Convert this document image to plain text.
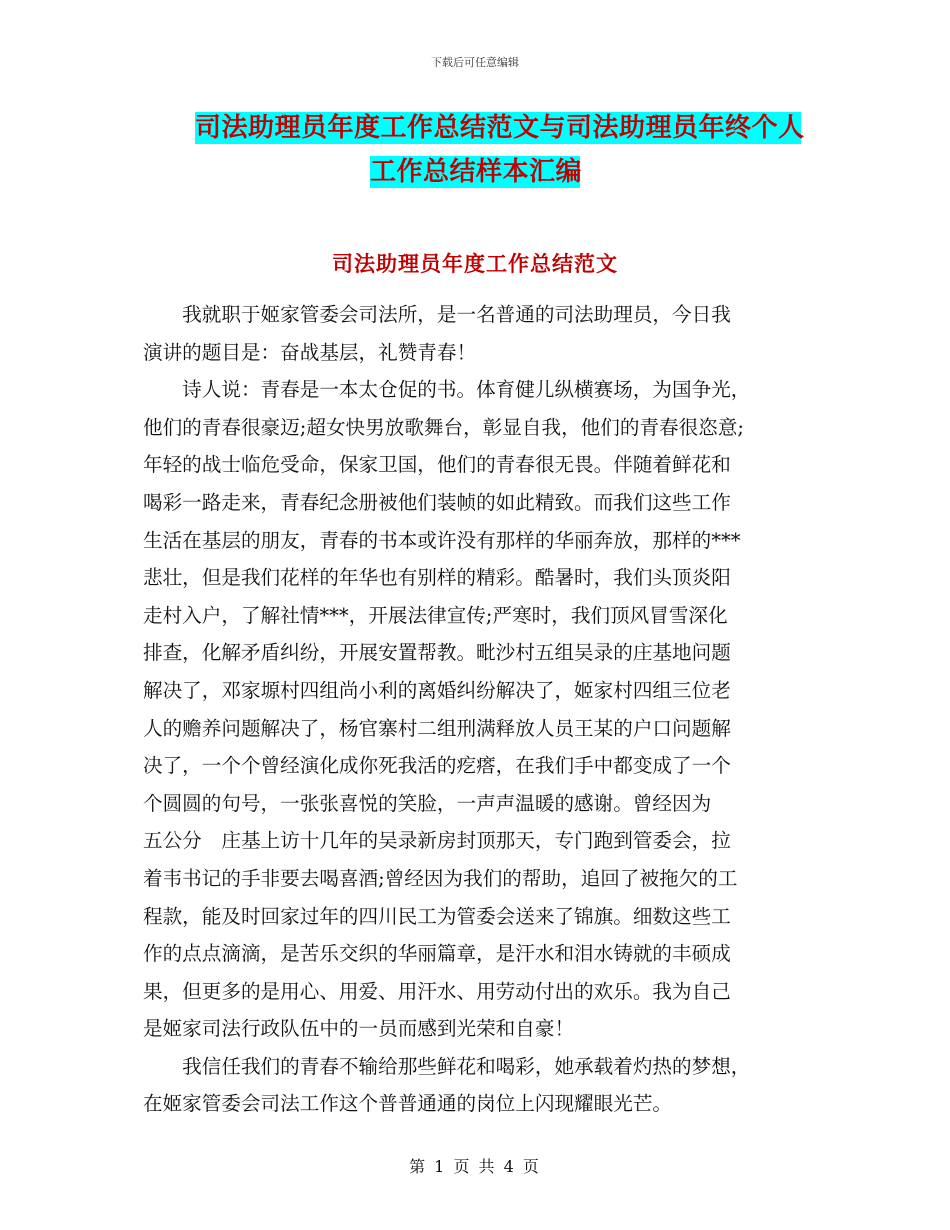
下载后可任意编辑
司法助理员年度工作总结范文与司法助理员年终个人
工作总结样本汇编
司法助理员年度工作总结范文
　　我就职于姬家管委会司法所，是一名普通的司法助理员，今日我
演讲的题目是：奋战基层，礼赞青春！
　　诗人说：青春是一本太仓促的书。体育健儿纵横赛场，为国争光，
他们的青春很豪迈;超女快男放歌舞台，彰显自我，他们的青春很恣意;
年轻的战士临危受命，保家卫国，他们的青春很无畏。伴随着鲜花和
喝彩一路走来，青春纪念册被他们装帧的如此精致。而我们这些工作
生活在基层的朋友，青春的书本或许没有那样的华丽奔放，那样的***
悲壮，但是我们花样的年华也有别样的精彩。酷暑时，我们头顶炎阳
走村入户，了解社情***，开展法律宣传;严寒时，我们顶风冒雪深化
排查，化解矛盾纠纷，开展安置帮教。毗沙村五组吴录的庄基地问题
解决了，邓家塬村四组尚小利的离婚纠纷解决了，姬家村四组三位老
人的赡养问题解决了，杨官寨村二组刑满释放人员王某的户口问题解
决了，一个个曾经演化成你死我活的疙瘩，在我们手中都变成了一个
个圆圆的句号，一张张喜悦的笑脸，一声声温暖的感谢。曾经因为
五公分　庄基上访十几年的吴录新房封顶那天，专门跑到管委会，拉
着韦书记的手非要去喝喜酒;曾经因为我们的帮助，追回了被拖欠的工
程款，能及时回家过年的四川民工为管委会送来了锦旗。细数这些工
作的点点滴滴，是苦乐交织的华丽篇章，是汗水和泪水铸就的丰硕成
果，但更多的是用心、用爱、用汗水、用劳动付出的欢乐。我为自己
是姬家司法行政队伍中的一员而感到光荣和自豪！
　　我信任我们的青春不输给那些鲜花和喝彩，她承载着灼热的梦想，
在姬家管委会司法工作这个普普通通的岗位上闪现耀眼光芒。
第 1 页 共 4 页
